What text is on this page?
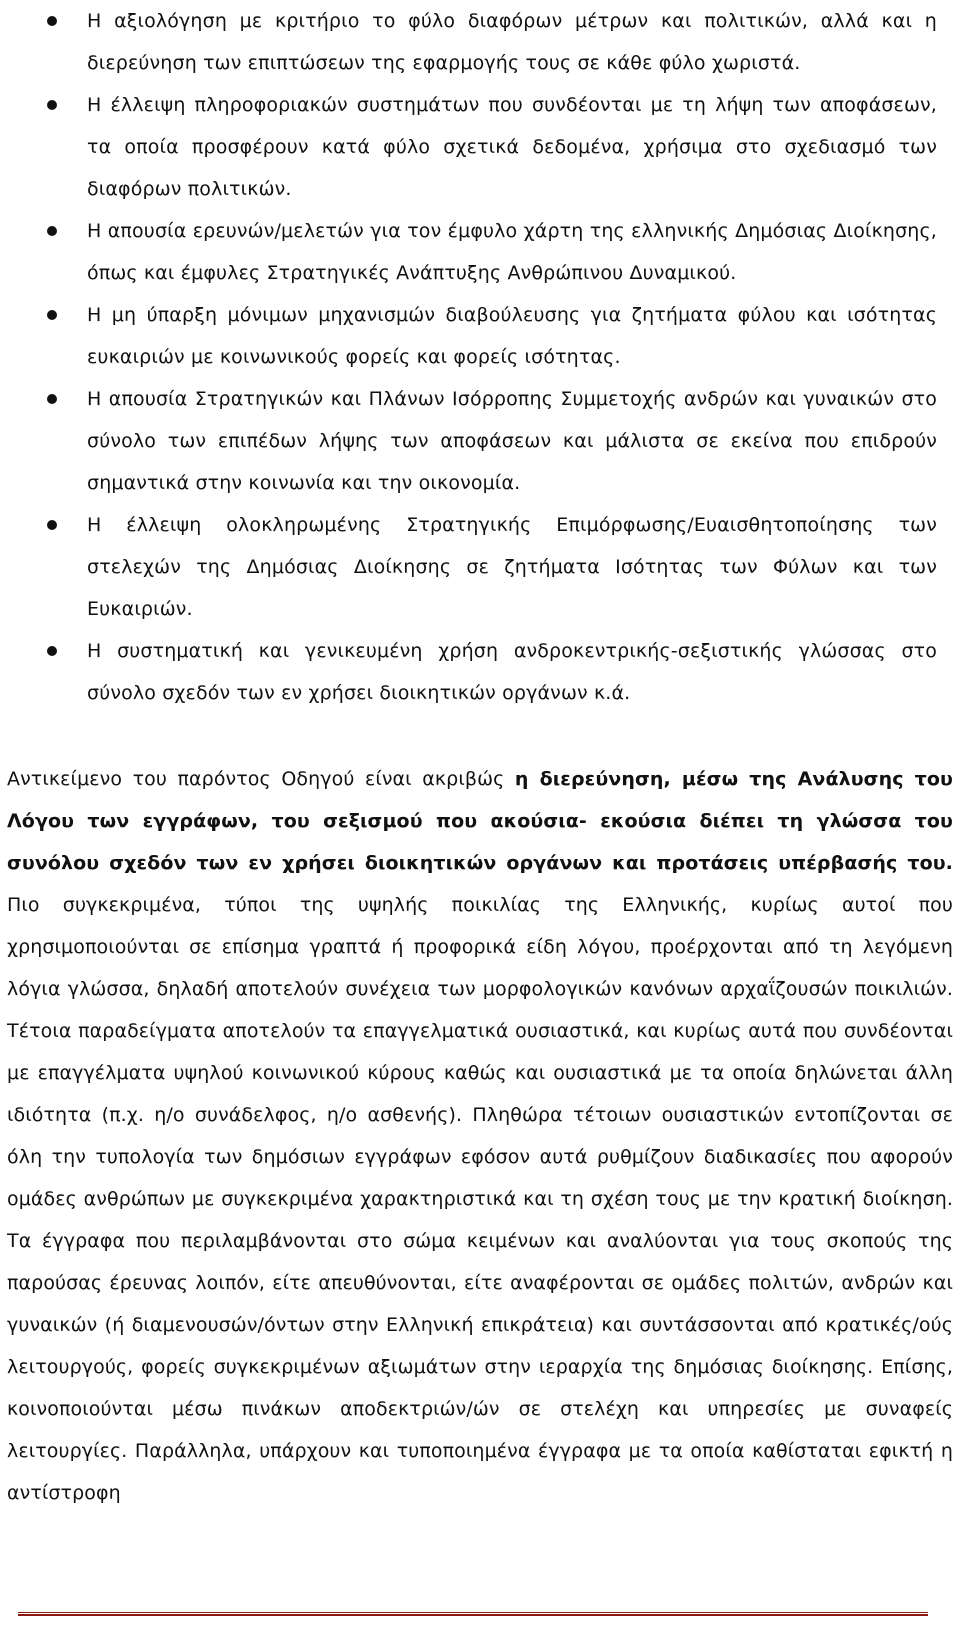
Η αξιολόγηση με κριτήριο το φύλο διαφόρων μέτρων και πολιτικών, αλλά και η διερεύνηση των επιπτώσεων της εφαρμογής τους σε κάθε φύλο χωριστά.

Η έλλειψη πληροφοριακών συστημάτων που συνδέονται με τη λήψη των αποφάσεων, τα οποία προσφέρουν κατά φύλο σχετικά δεδομένα, χρήσιμα στο σχεδιασμό των διαφόρων πολιτικών.

Η απουσία ερευνών/μελετών για τον έμφυλο χάρτη της ελληνικής Δημόσιας Διοίκησης, όπως και έμφυλες Στρατηγικές Ανάπτυξης Ανθρώπινου Δυναμικού.

Η μη ύπαρξη μόνιμων μηχανισμών διαβούλευσης για ζητήματα φύλου και ισότητας ευκαιριών με κοινωνικούς φορείς και φορείς ισότητας.

Η απουσία Στρατηγικών και Πλάνων Ισόρροπης Συμμετοχής ανδρών και γυναικών στο σύνολο των επιπέδων λήψης των αποφάσεων και μάλιστα σε εκείνα που επιδρούν σημαντικά στην κοινωνία και την οικονομία.

Η έλλειψη ολοκληρωμένης Στρατηγικής Επιμόρφωσης/Ευαισθητοποίησης των στελεχών της Δημόσιας Διοίκησης σε ζητήματα Ισότητας των Φύλων και των Ευκαιριών.

Η συστηματική και γενικευμένη χρήση ανδροκεντρικής-σεξιστικής γλώσσας στο σύνολο σχεδόν των εν χρήσει διοικητικών οργάνων κ.ά.

Αντικείμενο του παρόντος Οδηγού είναι ακριβώς η διερεύνηση, μέσω της Ανάλυσης του Λόγου των εγγράφων, του σεξισμού που ακούσια- εκούσια διέπει τη γλώσσα του συνόλου σχεδόν των εν χρήσει διοικητικών οργάνων και προτάσεις υπέρβασής του. Πιο συγκεκριμένα, τύποι της υψηλής ποικιλίας της Ελληνικής, κυρίως αυτοί που χρησιμοποιούνται σε επίσημα γραπτά ή προφορικά είδη λόγου, προέρχονται από τη λεγόμενη λόγια γλώσσα, δηλαδή αποτελούν συνέχεια των μορφολογικών κανόνων αρχαΐζουσών ποικιλιών. Τέτοια παραδείγματα αποτελούν τα επαγγελματικά ουσιαστικά, και κυρίως αυτά που συνδέονται με επαγγέλματα υψηλού κοινωνικού κύρους καθώς και ουσιαστικά με τα οποία δηλώνεται άλλη ιδιότητα (π.χ. η/ο συνάδελφος, η/ο ασθενής). Πληθώρα τέτοιων ουσιαστικών εντοπίζονται σε όλη την τυπολογία των δημόσιων εγγράφων εφόσον αυτά ρυθμίζουν διαδικασίες που αφορούν ομάδες ανθρώπων με συγκεκριμένα χαρακτηριστικά και τη σχέση τους με την κρατική διοίκηση. Τα έγγραφα που περιλαμβάνονται στο σώμα κειμένων και αναλύονται για τους σκοπούς της παρούσας έρευνας λοιπόν, είτε απευθύνονται, είτε αναφέρονται σε ομάδες πολιτών, ανδρών και γυναικών (ή διαμενουσών/όντων στην Ελληνική επικράτεια) και συντάσσονται από κρατικές/ούς λειτουργούς, φορείς συγκεκριμένων αξιωμάτων στην ιεραρχία της δημόσιας διοίκησης. Επίσης, κοινοποιούνται μέσω πινάκων αποδεκτριών/ών σε στελέχη και υπηρεσίες με συναφείς λειτουργίες. Παράλληλα, υπάρχουν και τυποποιημένα έγγραφα με τα οποία καθίσταται εφικτή η αντίστροφη
